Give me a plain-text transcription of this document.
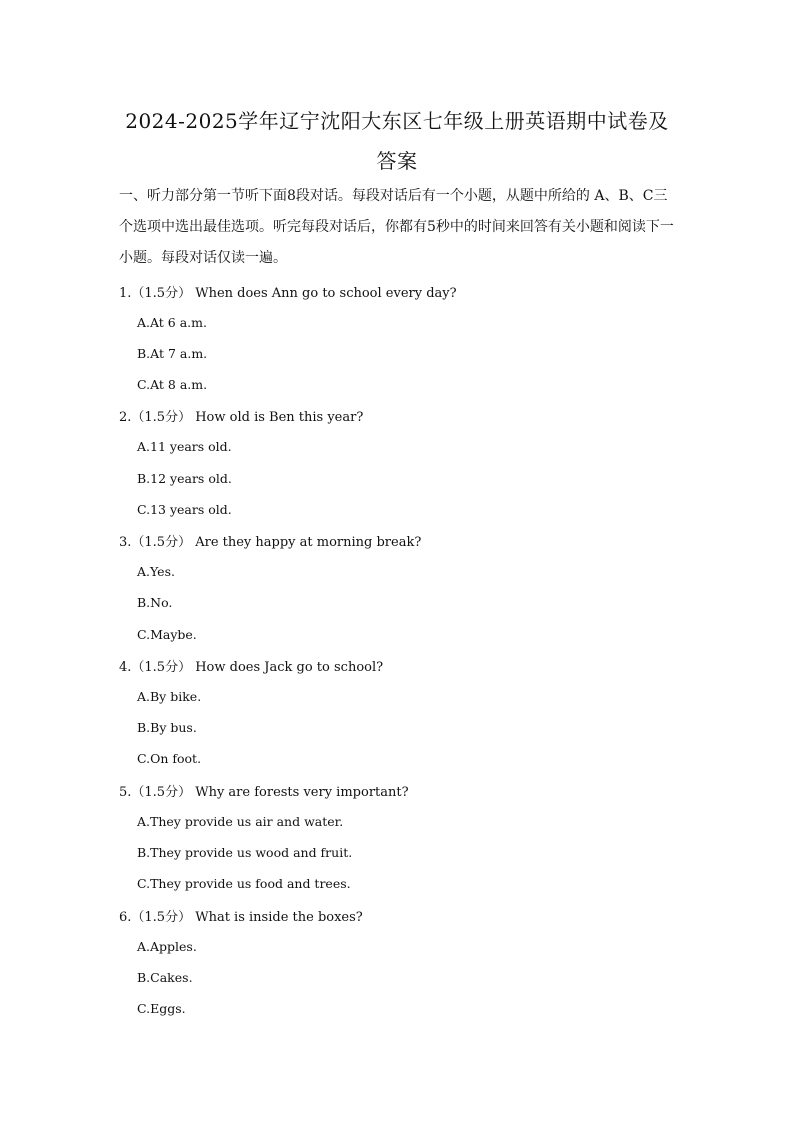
2024-2025学年辽宁沈阳大东区七年级上册英语期中试卷及
答案
一、听力部分第一节听下面8段对话。每段对话后有一个小题，从题中所给的 A、B、C三个选项中选出最佳选项。听完每段对话后，你都有5秒中的时间来回答有关小题和阅读下一小题。每段对话仅读一遍。
1.（1.5分） When does Ann go to school every day?
A.At 6 a.m.
B.At 7 a.m.
C.At 8 a.m.
2.（1.5分） How old is Ben this year?
A.11 years old.
B.12 years old.
C.13 years old.
3.（1.5分） Are they happy at morning break?
A.Yes.
B.No.
C.Maybe.
4.（1.5分） How does Jack go to school?
A.By bike.
B.By bus.
C.On foot.
5.（1.5分） Why are forests very important?
A.They provide us air and water.
B.They provide us wood and fruit.
C.They provide us food and trees.
6.（1.5分） What is inside the boxes?
A.Apples.
B.Cakes.
C.Eggs.
